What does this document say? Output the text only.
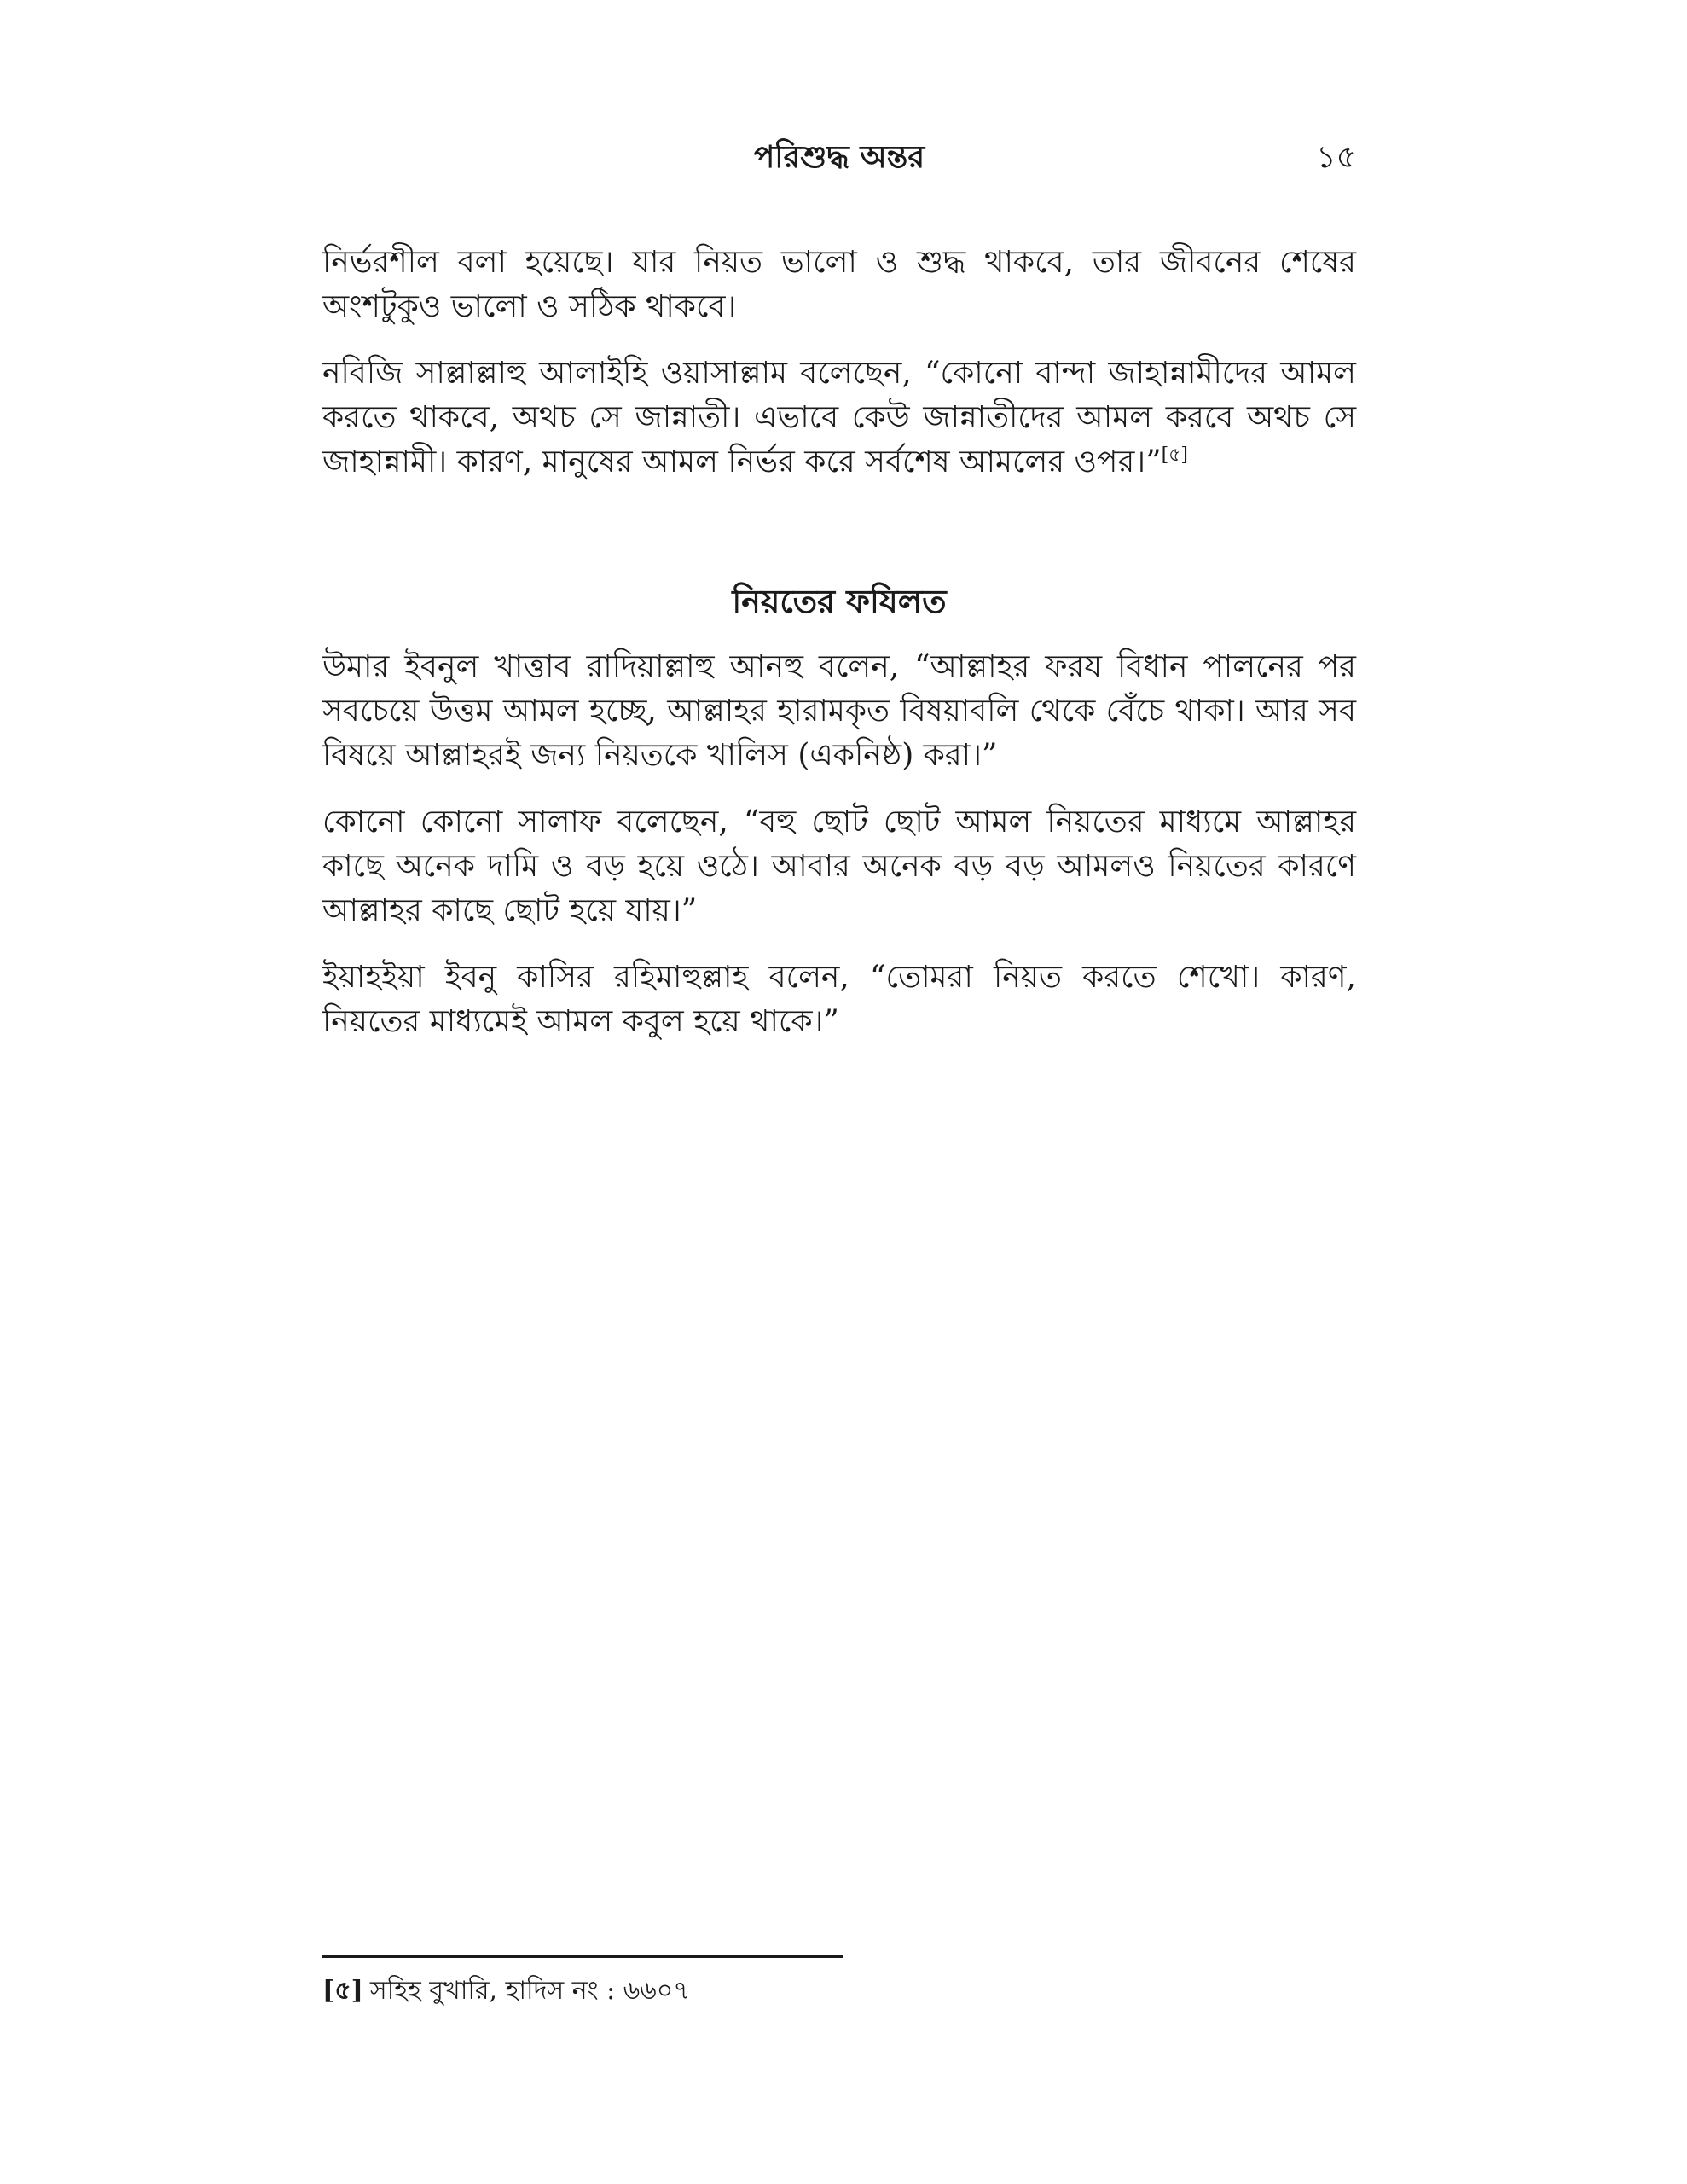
পরিশুদ্ধ অন্তর	১৫

নির্ভরশীল বলা হয়েছে। যার নিয়ত ভালো ও শুদ্ধ থাকবে, তার জীবনের শেষের অংশটুকুও ভালো ও সঠিক থাকবে।

নবিজি সাল্লাল্লাহু আলাইহি ওয়াসাল্লাম বলেছেন, “কোনো বান্দা জাহান্নামীদের আমল করতে থাকবে, অথচ সে জান্নাতী। এভাবে কেউ জান্নাতীদের আমল করবে অথচ সে জাহান্নামী। কারণ, মানুষের আমল নির্ভর করে সর্বশেষ আমলের ওপর।”[৫]

নিয়তের ফযিলত

উমার ইবনুল খাত্তাব রাদিয়াল্লাহু আনহু বলেন, “আল্লাহর ফরয বিধান পালনের পর সবচেয়ে উত্তম আমল হচ্ছে, আল্লাহর হারামকৃত বিষয়াবলি থেকে বেঁচে থাকা। আর সব বিষয়ে আল্লাহরই জন্য নিয়তকে খালিস (একনিষ্ঠ) করা।”

কোনো কোনো সালাফ বলেছেন, “বহু ছোট ছোট আমল নিয়তের মাধ্যমে আল্লাহর কাছে অনেক দামি ও বড় হয়ে ওঠে। আবার অনেক বড় বড় আমলও নিয়তের কারণে আল্লাহর কাছে ছোট হয়ে যায়।”

ইয়াহইয়া ইবনু কাসির রহিমাহুল্লাহ বলেন, “তোমরা নিয়ত করতে শেখো। কারণ, নিয়তের মাধ্যমেই আমল কবুল হয়ে থাকে।”

[৫] সহিহ বুখারি, হাদিস নং : ৬৬০৭
